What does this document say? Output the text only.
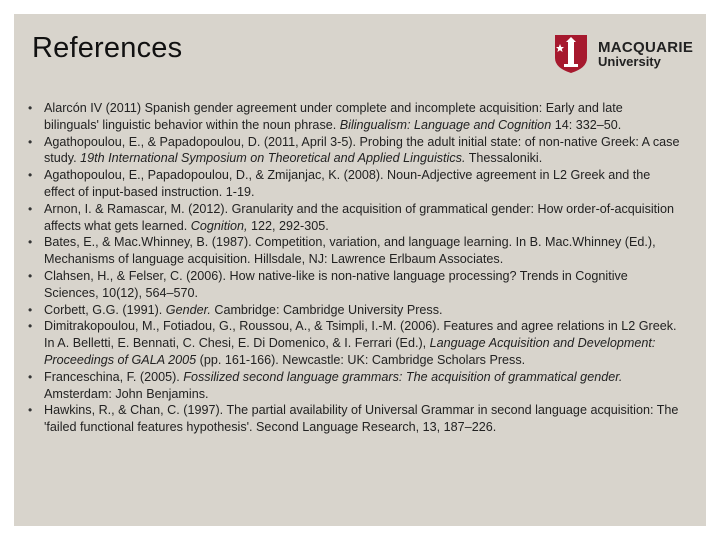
References	MACQUARIE
University
• Alarcón IV (2011) Spanish gender agreement under complete and incomplete acquisition: Early and late bilinguals' linguistic behavior within the noun phrase. Bilingualism: Language and Cognition 14: 332–50.
• Agathopoulou, E., & Papadopoulou, D. (2011, April 3-5). Probing the adult initial state: of non-native Greek: A case study. 19th International Symposium on Theoretical and Applied Linguistics. Thessaloniki.
• Agathopoulou, E., Papadopoulou, D., & Zmijanjac, K. (2008). Noun-Adjective agreement in L2 Greek and the effect of input-based instruction. 1-19.
• Arnon, I. & Ramascar, M. (2012). Granularity and the acquisition of grammatical gender: How order-of-acquisition affects what gets learned. Cognition, 122, 292-305.
• Bates, E., & Mac.Whinney, B. (1987). Competition, variation, and language learning. In B. Mac.Whinney (Ed.), Mechanisms of language acquisition. Hillsdale, NJ: Lawrence Erlbaum Associates.
• Clahsen, H., & Felser, C. (2006). How native-like is non-native language processing? Trends in Cognitive Sciences, 10(12), 564–570.
• Corbett, G.G. (1991). Gender. Cambridge: Cambridge University Press.
• Dimitrakopoulou, M., Fotiadou, G., Roussou, A., & Tsimpli, I.-M. (2006). Features and agree relations in L2 Greek. In A. Belletti, E. Bennati, C. Chesi, E. Di Domenico, & I. Ferrari (Ed.), Language Acquisition and Development: Proceedings of GALA 2005 (pp. 161-166). Newcastle: UK: Cambridge Scholars Press.
• Franceschina, F. (2005). Fossilized second language grammars: The acquisition of grammatical gender. Amsterdam: John Benjamins.
• Hawkins, R., & Chan, C. (1997). The partial availability of Universal Grammar in second language acquisition: The 'failed functional features hypothesis'. Second Language Research, 13, 187–226.
